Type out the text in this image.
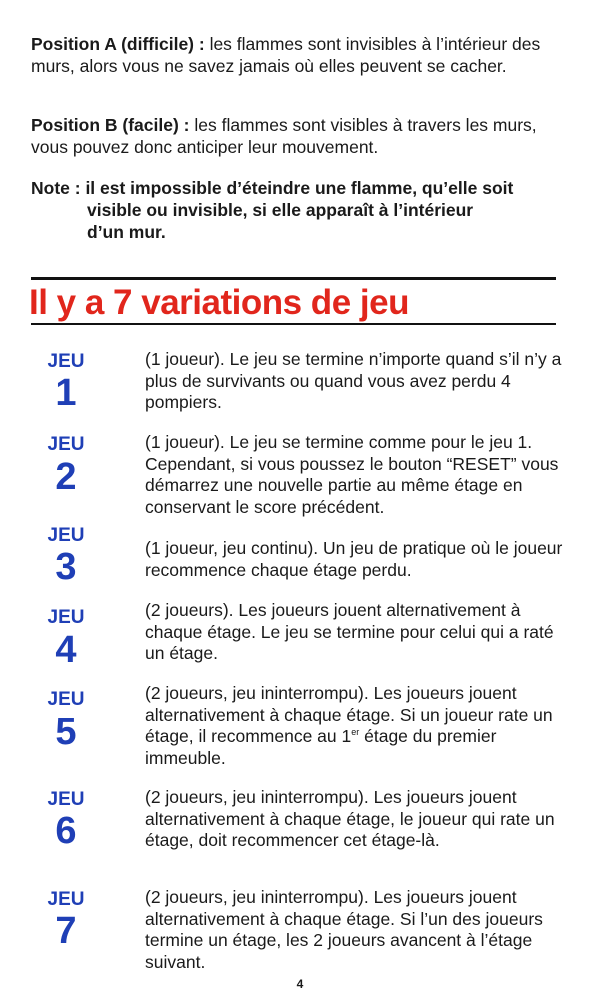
Position A (difficile) : les flammes sont invisibles à l’intérieur des murs, alors vous ne savez jamais où elles peuvent se cacher.

Position B (facile) : les flammes sont visibles à travers les murs, vous pouvez donc anticiper leur mouvement.

Note : il est impossible d’éteindre une flamme, qu’elle soit
visible ou invisible, si elle apparaît à l’intérieur
d’un mur.
Il y a 7 variations de jeu
JEU
1

(1 joueur). Le jeu se termine n’importe quand s’il n’y a plus de survivants ou quand vous avez perdu 4 pompiers.

JEU
2

(1 joueur). Le jeu se termine comme pour le jeu 1. Cependant, si vous poussez le bouton “RESET” vous démarrez une nouvelle partie au même étage en conservant le score précédent.

JEU
3	(1 joueur, jeu continu). Un jeu de pratique où le joueur recommence chaque étage perdu.

JEU
4

(2 joueurs). Les joueurs jouent alternativement à chaque étage. Le jeu se termine pour celui qui a raté un étage.

JEU
5

(2 joueurs, jeu ininterrompu). Les joueurs jouent alternativement à chaque étage. Si un joueur rate un étage, il recommence au 1er étage du premier immeuble.

JEU
6

(2 joueurs, jeu ininterrompu). Les joueurs jouent alternativement à chaque étage, le joueur qui rate un étage, doit recommencer cet étage-là.

JEU
7

(2 joueurs, jeu ininterrompu). Les joueurs jouent alternativement à chaque étage. Si l’un des joueurs termine un étage, les 2 joueurs avancent à l’étage suivant.

4
